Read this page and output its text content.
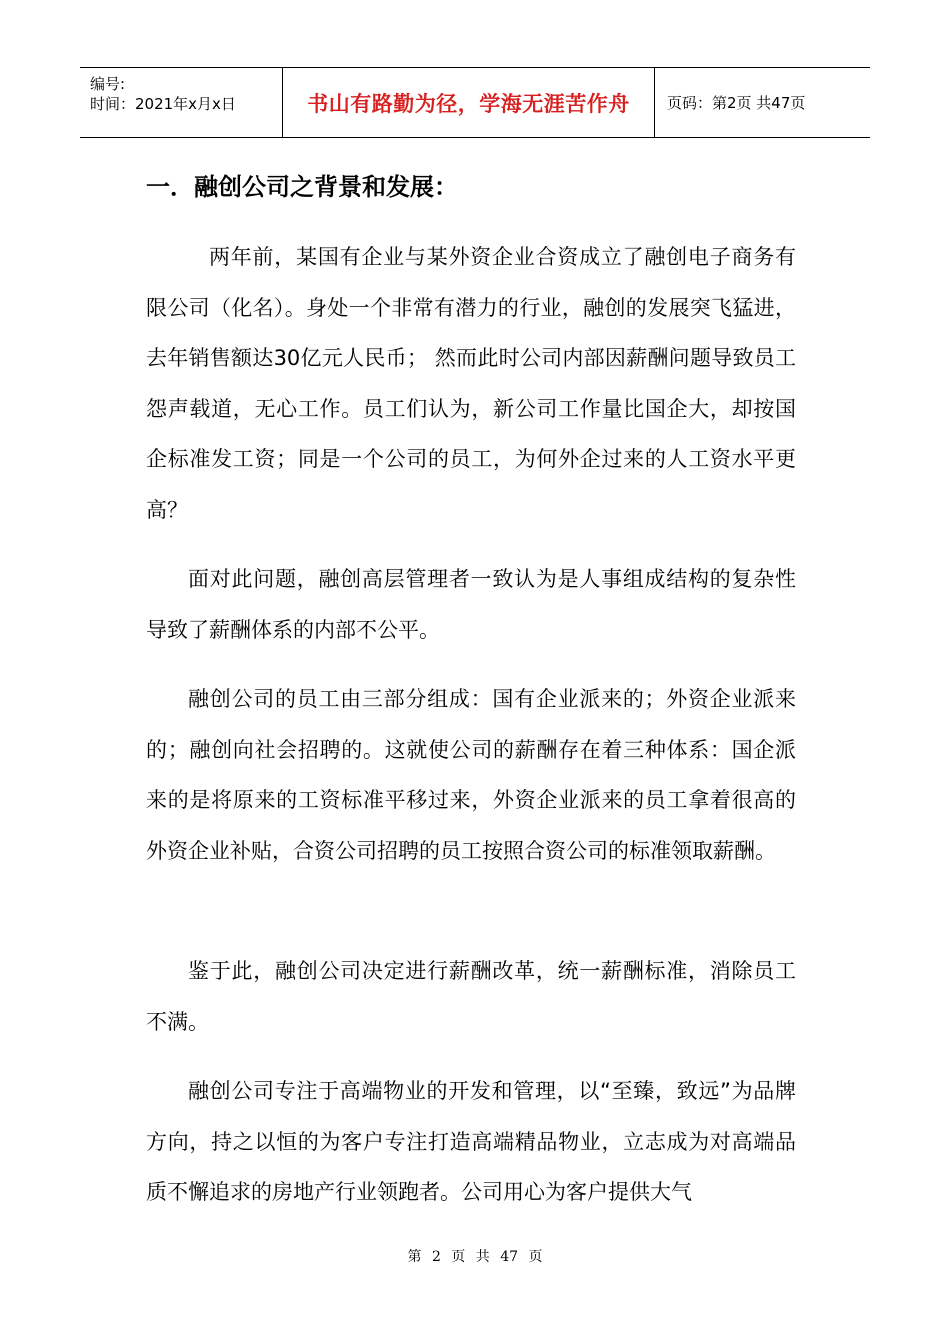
编号:
时间：2021年x月x日	书山有路勤为径，学海无涯苦作舟 页码：第2页 共47页
一．融创公司之背景和发展：

两年前，某国有企业与某外资企业合资成立了融创电子商务有限公司（化名）。身处一个非常有潜力的行业，融创的发展突飞猛进，去年销售额达30亿元人民币； 然而此时公司内部因薪酬问题导致员工怨声载道，无心工作。员工们认为，新公司工作量比国企大，却按国企标准发工资；同是一个公司的员工，为何外企过来的人工资水平更高？

面对此问题，融创高层管理者一致认为是人事组成结构的复杂性导致了薪酬体系的内部不公平。

融创公司的员工由三部分组成：国有企业派来的；外资企业派来的；融创向社会招聘的。这就使公司的薪酬存在着三种体系：国企派来的是将原来的工资标准平移过来，外资企业派来的员工拿着很高的外资企业补贴，合资公司招聘的员工按照合资公司的标准领取薪酬。

鉴于此，融创公司决定进行薪酬改革，统一薪酬标准，消除员工不满。

融创公司专注于高端物业的开发和管理，以“至臻，致远”为品牌方向，持之以恒的为客户专注打造高端精品物业，立志成为对高端品质不懈追求的房地产行业领跑者。公司用心为客户提供大气

第 2 页 共 47 页
